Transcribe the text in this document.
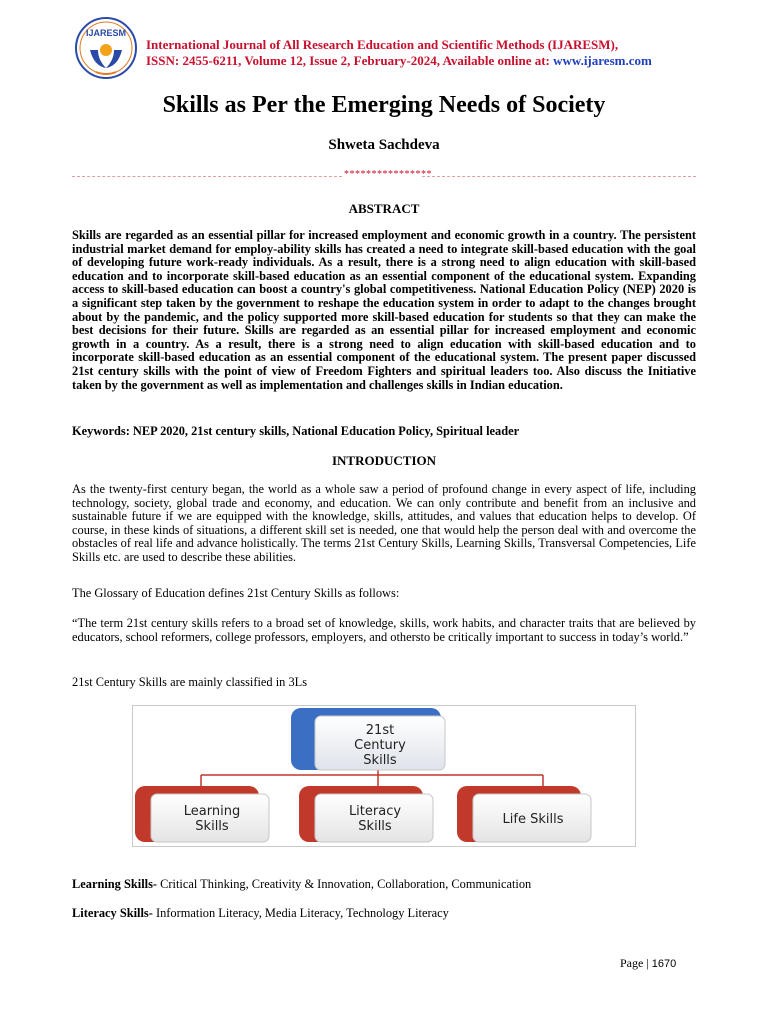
IJARESM
International Journal of All Research Education and Scientific Methods (IJARESM),
ISSN: 2455-6211, Volume 12, Issue 2, February-2024, Available online at: www.ijaresm.com
Skills as Per the Emerging Needs of Society
Shweta Sachdeva
****************
ABSTRACT
Skills are regarded as an essential pillar for increased employment and economic growth in a country. The persistent industrial market demand for employ-ability skills has created a need to integrate skill-based education with the goal of developing future work-ready individuals. As a result, there is a strong need to align education with skill-based education and to incorporate skill-based education as an essential component of the educational system. Expanding access to skill-based education can boost a country's global competitiveness. National Education Policy (NEP) 2020 is a significant step taken by the government to reshape the education system in order to adapt to the changes brought about by the pandemic, and the policy supported more skill-based education for students so that they can make the best decisions for their future. Skills are regarded as an essential pillar for increased employment and economic growth in a country. As a result, there is a strong need to align education with skill-based education and to incorporate skill-based education as an essential component of the educational system. The present paper discussed 21st century skills with the point of view of Freedom Fighters and spiritual leaders too. Also discuss the Initiative taken by the government as well as implementation and challenges skills in Indian education.
Keywords: NEP 2020, 21st century skills, National Education Policy, Spiritual leader
INTRODUCTION
As the twenty-first century began, the world as a whole saw a period of profound change in every aspect of life, including technology, society, global trade and economy, and education. We can only contribute and benefit from an inclusive and sustainable future if we are equipped with the knowledge, skills, attitudes, and values that education helps to develop. Of course, in these kinds of situations, a different skill set is needed, one that would help the person deal with and overcome the obstacles of real life and advance holistically. The terms 21st Century Skills, Learning Skills, Transversal Competencies, Life Skills etc. are used to describe these abilities.
The Glossary of Education defines 21st Century Skills as follows:
“The term 21st century skills refers to a broad set of knowledge, skills, work habits, and character traits that are believed by educators, school reformers, college professors, employers, and othersto be critically important to success in today’s world.”
21st Century Skills are mainly classified in 3Ls
21st
Century
Skills
Learning
Skills
Literacy
Skills	Life Skills
Learning Skills- Critical Thinking, Creativity & Innovation, Collaboration, Communication
Literacy Skills- Information Literacy, Media Literacy, Technology Literacy
Page | 1670
